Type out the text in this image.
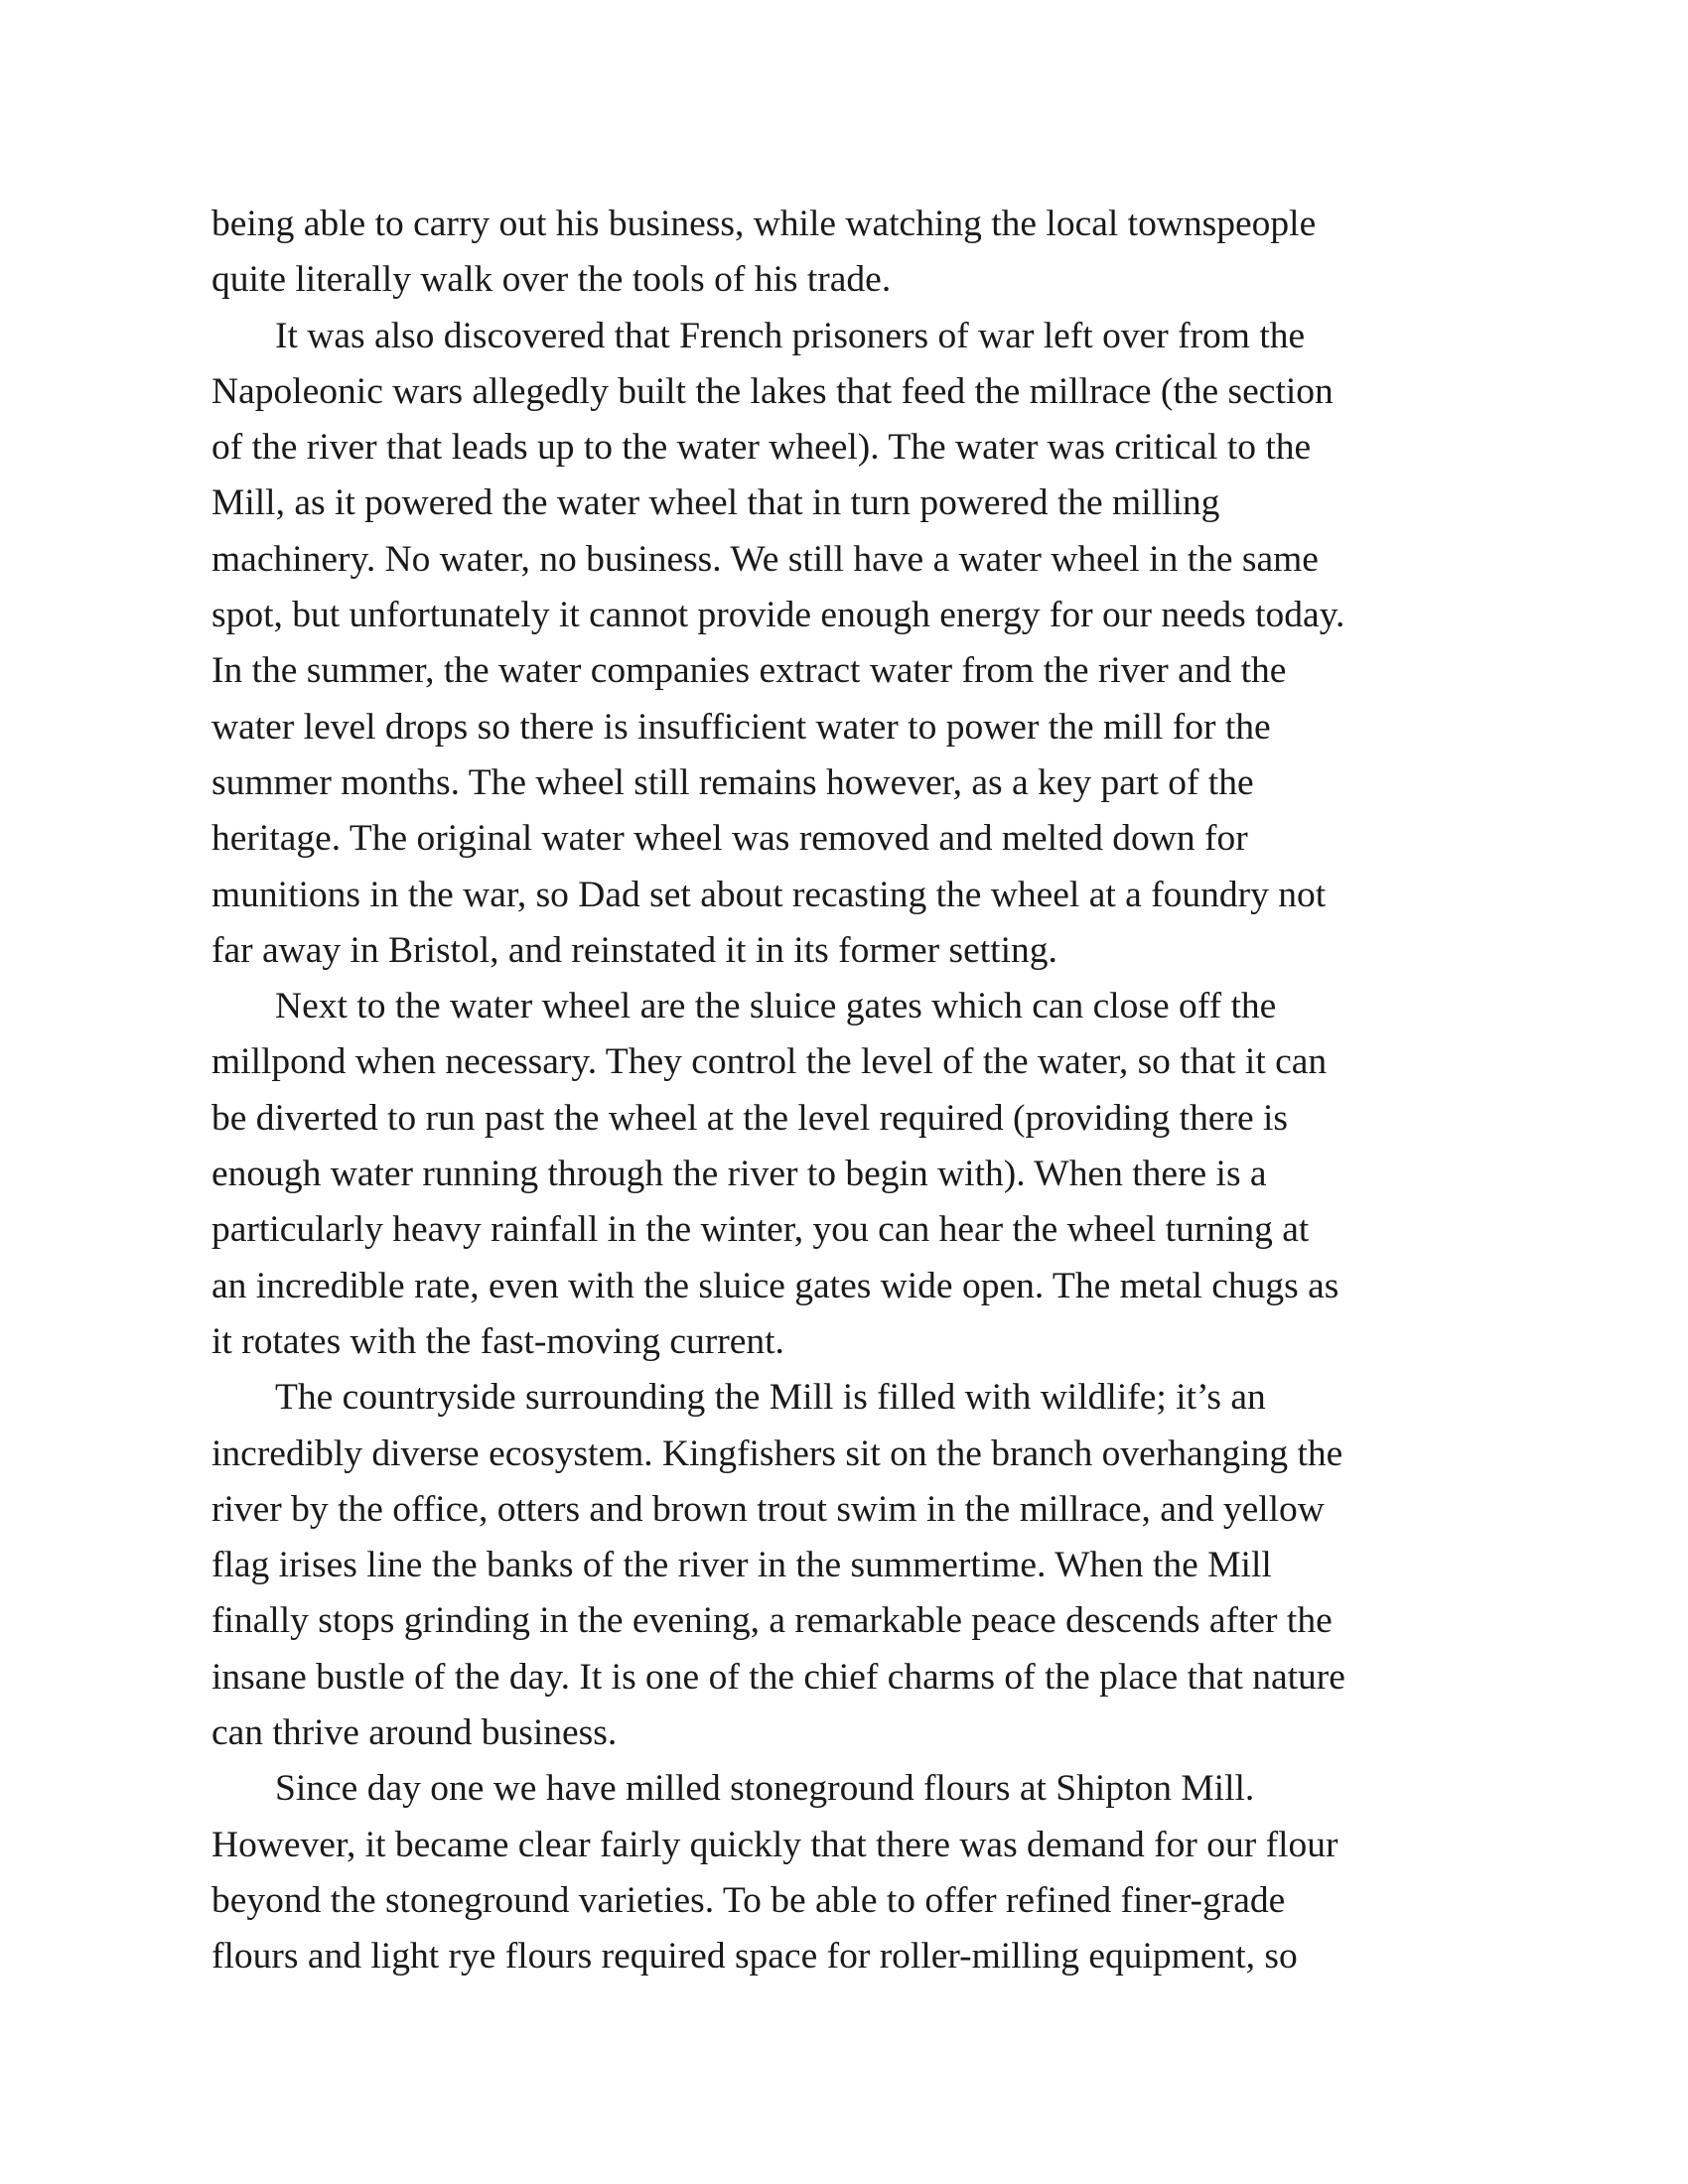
being able to carry out his business, while watching the local townspeople
quite literally walk over the tools of his trade.
It was also discovered that French prisoners of war left over from the
Napoleonic wars allegedly built the lakes that feed the millrace (the section
of the river that leads up to the water wheel). The water was critical to the
Mill, as it powered the water wheel that in turn powered the milling
machinery. No water, no business. We still have a water wheel in the same
spot, but unfortunately it cannot provide enough energy for our needs today.
In the summer, the water companies extract water from the river and the
water level drops so there is insufficient water to power the mill for the
summer months. The wheel still remains however, as a key part of the
heritage. The original water wheel was removed and melted down for
munitions in the war, so Dad set about recasting the wheel at a foundry not
far away in Bristol, and reinstated it in its former setting.
Next to the water wheel are the sluice gates which can close off the
millpond when necessary. They control the level of the water, so that it can
be diverted to run past the wheel at the level required (providing there is
enough water running through the river to begin with). When there is a
particularly heavy rainfall in the winter, you can hear the wheel turning at
an incredible rate, even with the sluice gates wide open. The metal chugs as
it rotates with the fast-moving current.
The countryside surrounding the Mill is filled with wildlife; it’s an
incredibly diverse ecosystem. Kingfishers sit on the branch overhanging the
river by the office, otters and brown trout swim in the millrace, and yellow
flag irises line the banks of the river in the summertime. When the Mill
finally stops grinding in the evening, a remarkable peace descends after the
insane bustle of the day. It is one of the chief charms of the place that nature
can thrive around business.
Since day one we have milled stoneground flours at Shipton Mill.
However, it became clear fairly quickly that there was demand for our flour
beyond the stoneground varieties. To be able to offer refined finer-grade
flours and light rye flours required space for roller-milling equipment, so
